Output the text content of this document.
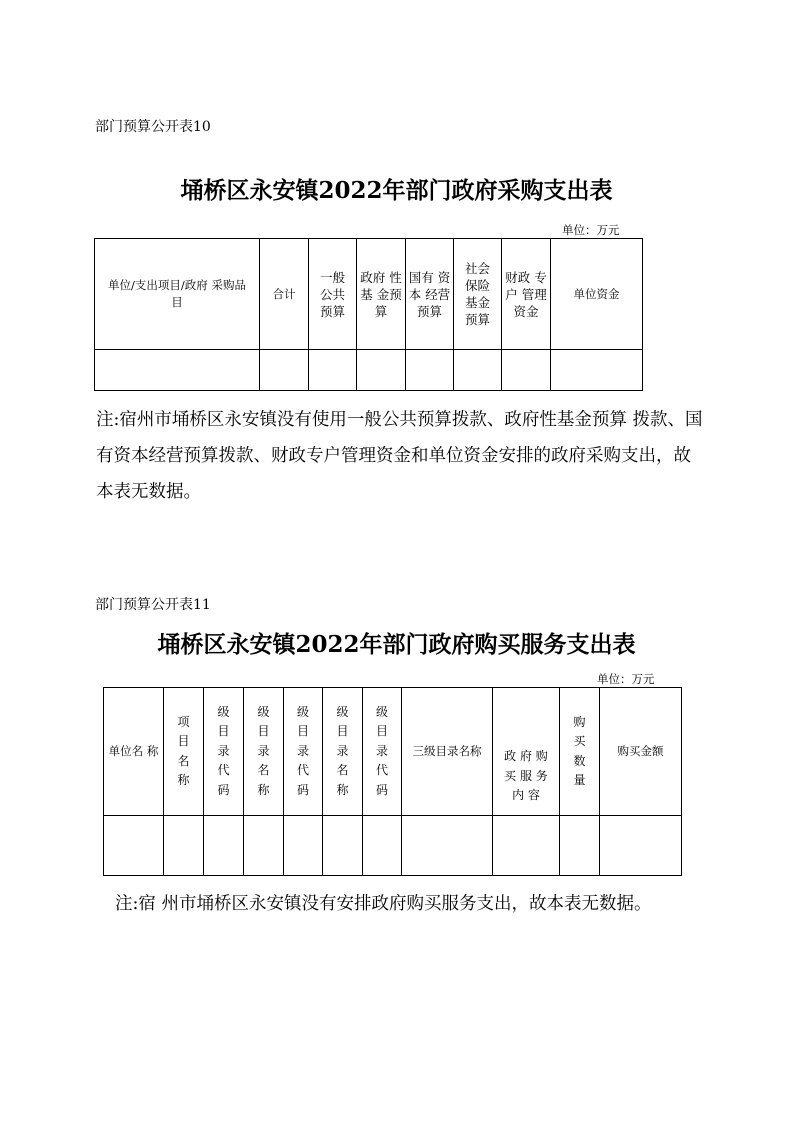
部门预算公开表10
埇桥区永安镇2022年部门政府采购支出表
单位：万元
单位/支出项目/政府 采购品目	合计	一般公共预算	政府 性基 金预算	国有 资本 经营预算	社会保险基金预算	财政 专户 管理资金	单位资金

注:宿州市埇桥区永安镇没有使用一般公共预算拨款、政府性基金预算 拨款、国有资本经营预算拨款、财政专户管理资金和单位资金安排的政府采购支出，故本表无数据。
部门预算公开表11
埇桥区永安镇2022年部门政府购买服务支出表
单位：万元
单位名 称	项目名称	级目录代码	级目录名称	级目录代码	级目录名称	级目录代码	三级目录名称	政 府 购 买 服 务 内 容	购买数量	购买金额

注:宿 州市埇桥区永安镇没有安排政府购买服务支出，故本表无数据。
